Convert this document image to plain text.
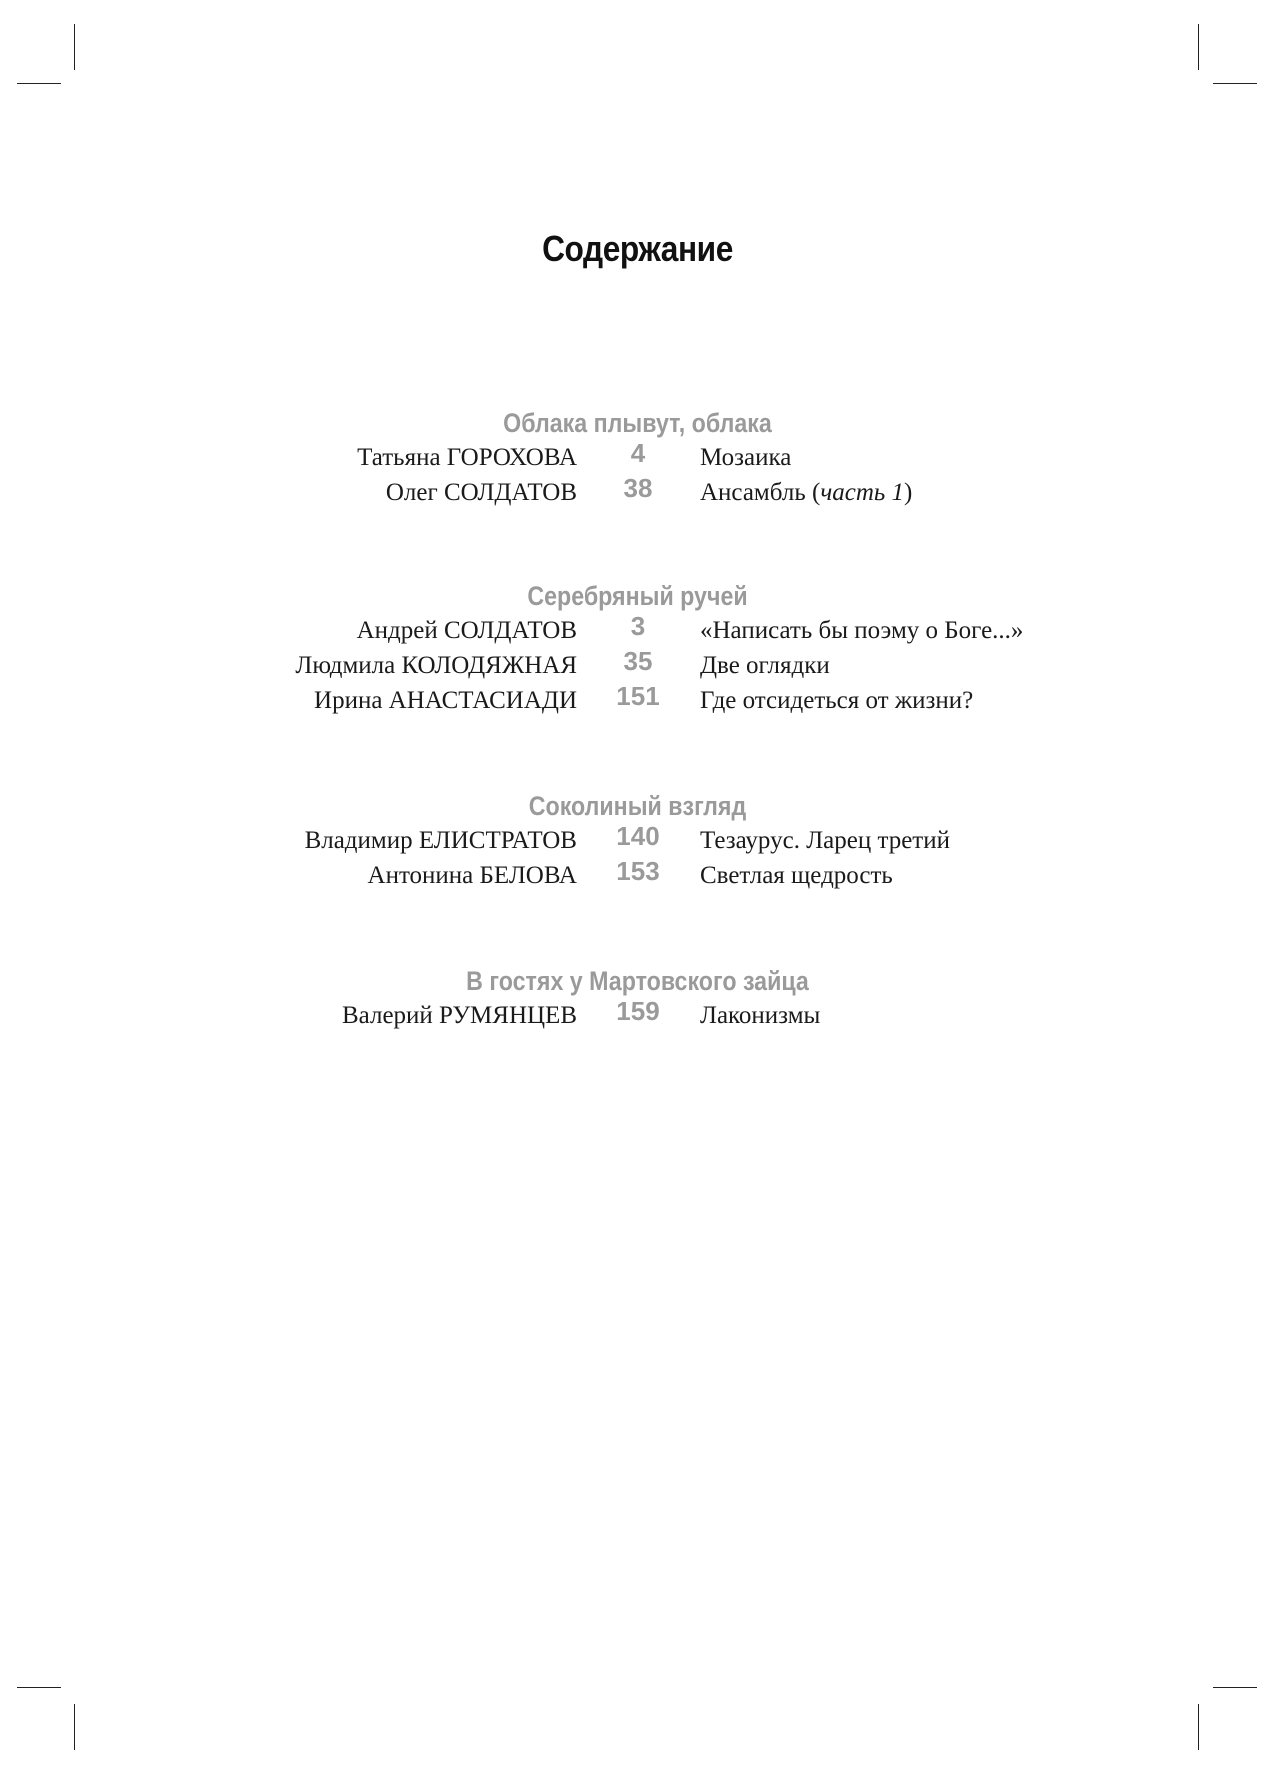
Содержание
Облака плывут, облака
Татьяна ГОРОХОВА	4	Мозаика
Олег СОЛДАТОВ	38	Ансамбль (часть 1)
Серебряный ручей
Андрей СОЛДАТОВ	3	«Написать бы поэму о Боге...»
Людмила КОЛОДЯЖНАЯ	35	Две оглядки
Ирина АНАСТАСИАДИ	151	Где отсидеться от жизни?
Соколиный взгляд
Владимир ЕЛИСТРАТОВ	140	Тезаурус. Ларец третий
Антонина БЕЛОВА	153	Светлая щедрость
В гостях у Мартовского зайца
Валерий РУМЯНЦЕВ	159	Лаконизмы
